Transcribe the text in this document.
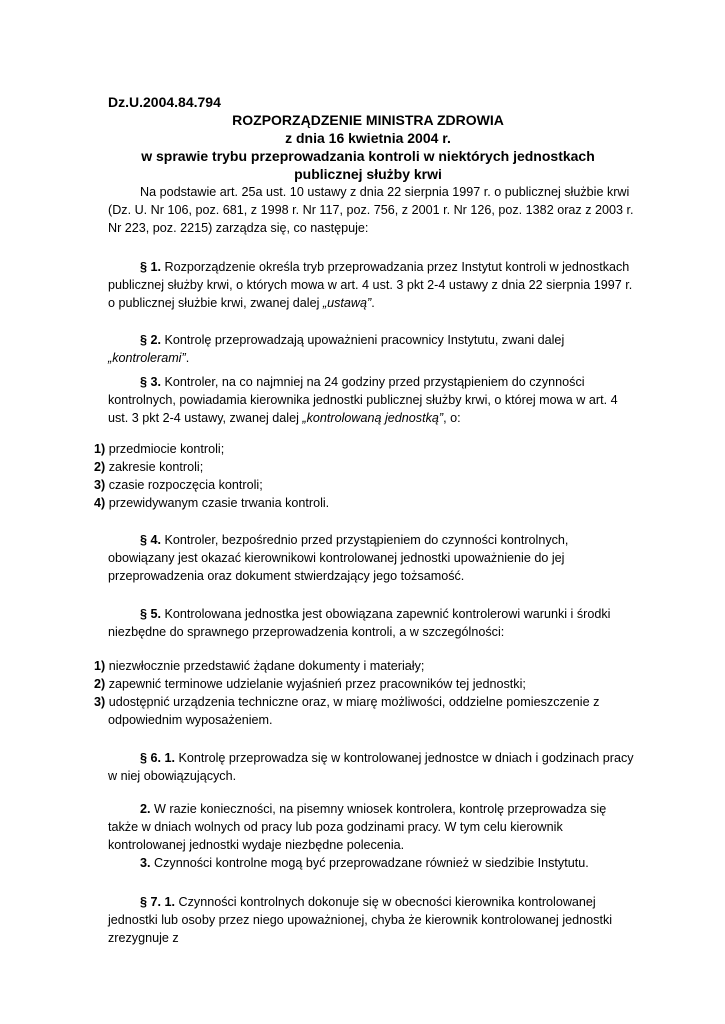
Dz.U.2004.84.794
ROZPORZĄDZENIE MINISTRA ZDROWIA
z dnia 16 kwietnia 2004 r.
w sprawie trybu przeprowadzania kontroli w niektórych jednostkach
publicznej służby krwi
Na podstawie art. 25a ust. 10 ustawy z dnia 22 sierpnia 1997 r. o publicznej służbie krwi (Dz. U. Nr 106, poz. 681, z 1998 r. Nr 117, poz. 756, z 2001 r. Nr 126, poz. 1382 oraz z 2003 r. Nr 223, poz. 2215) zarządza się, co następuje:
§ 1. Rozporządzenie określa tryb przeprowadzania przez Instytut kontroli w jednostkach publicznej służby krwi, o których mowa w art. 4 ust. 3 pkt 2-4 ustawy z dnia 22 sierpnia 1997 r. o publicznej służbie krwi, zwanej dalej „ustawą”.
§ 2. Kontrolę przeprowadzają upoważnieni pracownicy Instytutu, zwani dalej „kontrolerami”.
§ 3. Kontroler, na co najmniej na 24 godziny przed przystąpieniem do czynności kontrolnych, powiadamia kierownika jednostki publicznej służby krwi, o której mowa w art. 4 ust. 3 pkt 2-4 ustawy, zwanej dalej „kontrolowaną jednostką”, o:
1) przedmiocie kontroli;
2) zakresie kontroli;
3) czasie rozpoczęcia kontroli;
4) przewidywanym czasie trwania kontroli.
§ 4. Kontroler, bezpośrednio przed przystąpieniem do czynności kontrolnych, obowiązany jest okazać kierownikowi kontrolowanej jednostki upoważnienie do jej przeprowadzenia oraz dokument stwierdzający jego tożsamość.
§ 5. Kontrolowana jednostka jest obowiązana zapewnić kontrolerowi warunki i środki niezbędne do sprawnego przeprowadzenia kontroli, a w szczególności:
1) niezwłocznie przedstawić żądane dokumenty i materiały;
2) zapewnić terminowe udzielanie wyjaśnień przez pracowników tej jednostki;
3) udostępnić urządzenia techniczne oraz, w miarę możliwości, oddzielne pomieszczenie z odpowiednim wyposażeniem.
§ 6. 1. Kontrolę przeprowadza się w kontrolowanej jednostce w dniach i godzinach pracy w niej obowiązujących.
2. W razie konieczności, na pisemny wniosek kontrolera, kontrolę przeprowadza się także w dniach wolnych od pracy lub poza godzinami pracy. W tym celu kierownik kontrolowanej jednostki wydaje niezbędne polecenia.
3. Czynności kontrolne mogą być przeprowadzane również w siedzibie Instytutu.
§ 7. 1. Czynności kontrolnych dokonuje się w obecności kierownika kontrolowanej jednostki lub osoby przez niego upoważnionej, chyba że kierownik kontrolowanej jednostki zrezygnuje z
